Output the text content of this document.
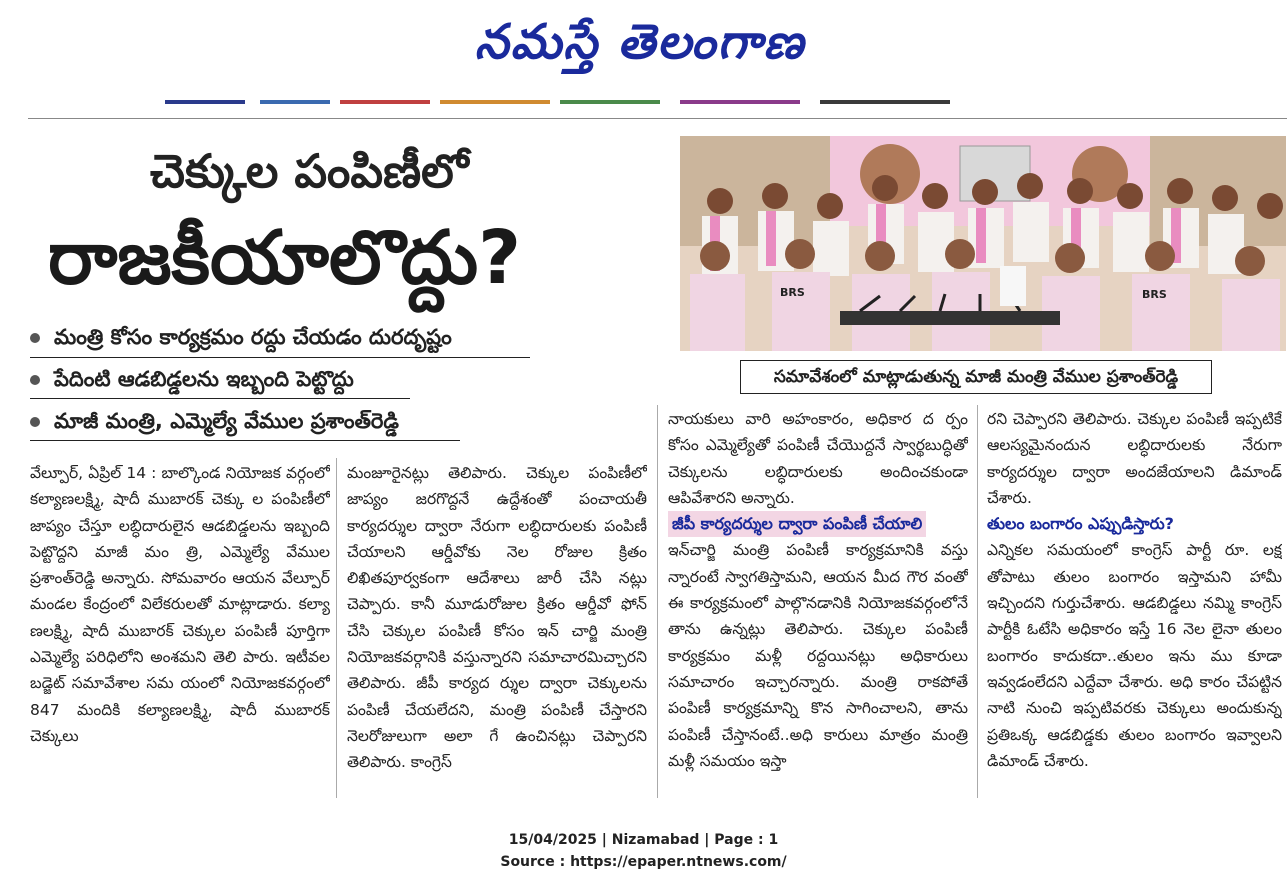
నమస్తే తెలంగాణ
చెక్కుల పంపిణీలో
రాజకీయాలొద్దు?
మంత్రి కోసం కార్యక్రమం రద్దు చేయడం దురదృష్టం
పేదింటి ఆడబిడ్డలను ఇబ్బంది పెట్టొద్దు
మాజీ మంత్రి, ఎమ్మెల్యే వేముల ప్రశాంత్‌రెడ్డి
BRS	BRS
సమావేశంలో మాట్లాడుతున్న మాజీ మంత్రి వేముల ప్రశాంత్‌రెడ్డి

వేల్పూర్, ఏప్రిల్ 14 : బాల్కొండ నియోజక వర్గంలో కల్యాణలక్ష్మి, షాదీ ముబారక్ చెక్కు ల పంపిణీలో జాప్యం చేస్తూ లబ్ధిదారులైన ఆడబిడ్డలను ఇబ్బంది పెట్టొద్దని మాజీ మం త్రి, ఎమ్మెల్యే వేముల ప్రశాంత్‌రెడ్డి అన్నారు. సోమవారం ఆయన వేల్పూర్ మండల కేంద్రంలో విలేకరులతో మాట్లాడారు. కల్యా ణలక్ష్మి, షాదీ ముబారక్ చెక్కుల పంపిణీ పూర్తిగా ఎమ్మెల్యే పరిధిలోని అంశమని తెలి పారు. ఇటీవల బడ్జెట్ సమావేశాల సమ యంలో నియోజకవర్గంలో 847 మందికి కల్యాణలక్ష్మి, షాదీ ముబారక్ చెక్కులు

మంజూరైనట్లు తెలిపారు. చెక్కుల పంపిణీలో జాప్యం జరగొద్దనే ఉద్దేశంతో పంచాయతీ కార్యదర్శుల ద్వారా నేరుగా లబ్ధిదారులకు పంపిణీ చేయాలని ఆర్డీవోకు నెల రోజుల క్రితం లిఖితపూర్వకంగా ఆదేశాలు జారీ చేసి నట్లు చెప్పారు. కానీ మూడురోజుల క్రితం ఆర్డీవో ఫోన్ చేసి చెక్కుల పంపిణీ కోసం ఇన్ చార్జి మంత్రి నియోజకవర్గానికి వస్తున్నారని సమాచారమిచ్చారని తెలిపారు. జీపీ కార్యద ర్శుల ద్వారా చెక్కులను పంపిణీ చేయలేదని, మంత్రి పంపిణీ చేస్తారని నెలరోజులుగా అలా గే ఉంచినట్లు చెప్పారని తెలిపారు. కాంగ్రెస్

నాయకులు వారి అహంకారం, అధికార ద ర్పం కోసం ఎమ్మెల్యేతో పంపిణీ చేయొద్దనే స్వార్థబుద్ధితో చెక్కులను లబ్ధిదారులకు అందించకుండా ఆపివేశారని అన్నారు.

జీపీ కార్యదర్శుల ద్వారా పంపిణీ చేయాలి

ఇన్‌చార్జి మంత్రి పంపిణీ కార్యక్రమానికి వస్తు న్నారంటే స్వాగతిస్తామని, ఆయన మీద గౌర వంతో ఈ కార్యక్రమంలో పాల్గొనడానికి నియోజకవర్గంలోనే తాను ఉన్నట్లు తెలిపారు. చెక్కుల పంపిణీ కార్యక్రమం మళ్లీ రద్దయినట్లు అధికారులు సమాచారం ఇచ్చారన్నారు. మంత్రి రాకపోతే పంపిణీ కార్యక్రమాన్ని కొన సాగించాలని, తాను పంపిణీ చేస్తానంటే..అధి కారులు మాత్రం మంత్రి మళ్లీ సమయం ఇస్తా

రని చెప్పారని తెలిపారు. చెక్కుల పంపిణీ ఇప్పటికే ఆలస్యమైనందున లబ్ధిదారులకు నేరుగా కార్యదర్శుల ద్వారా అందజేయాలని డిమాండ్ చేశారు.

తులం బంగారం ఎప్పుడిస్తారు?

ఎన్నికల సమయంలో కాంగ్రెస్ పార్టీ రూ. లక్ష తోపాటు తులం బంగారం ఇస్తామని హామీ ఇచ్చిందని గుర్తుచేశారు. ఆడబిడ్డలు నమ్మి కాంగ్రెస్ పార్టీకి ఓటేసి అధికారం ఇస్తే 16 నెల లైనా తులం బంగారం కాదుకదా..తులం ఇను ము కూడా ఇవ్వడంలేదని ఎద్దేవా చేశారు. అధి కారం చేపట్టిన నాటి నుంచి ఇప్పటివరకు చెక్కులు అందుకున్న ప్రతిఒక్క ఆడబిడ్డకు తులం బంగారం ఇవ్వాలని డిమాండ్ చేశారు.

15/04/2025 | Nizamabad | Page : 1
Source : https://epaper.ntnews.com/
